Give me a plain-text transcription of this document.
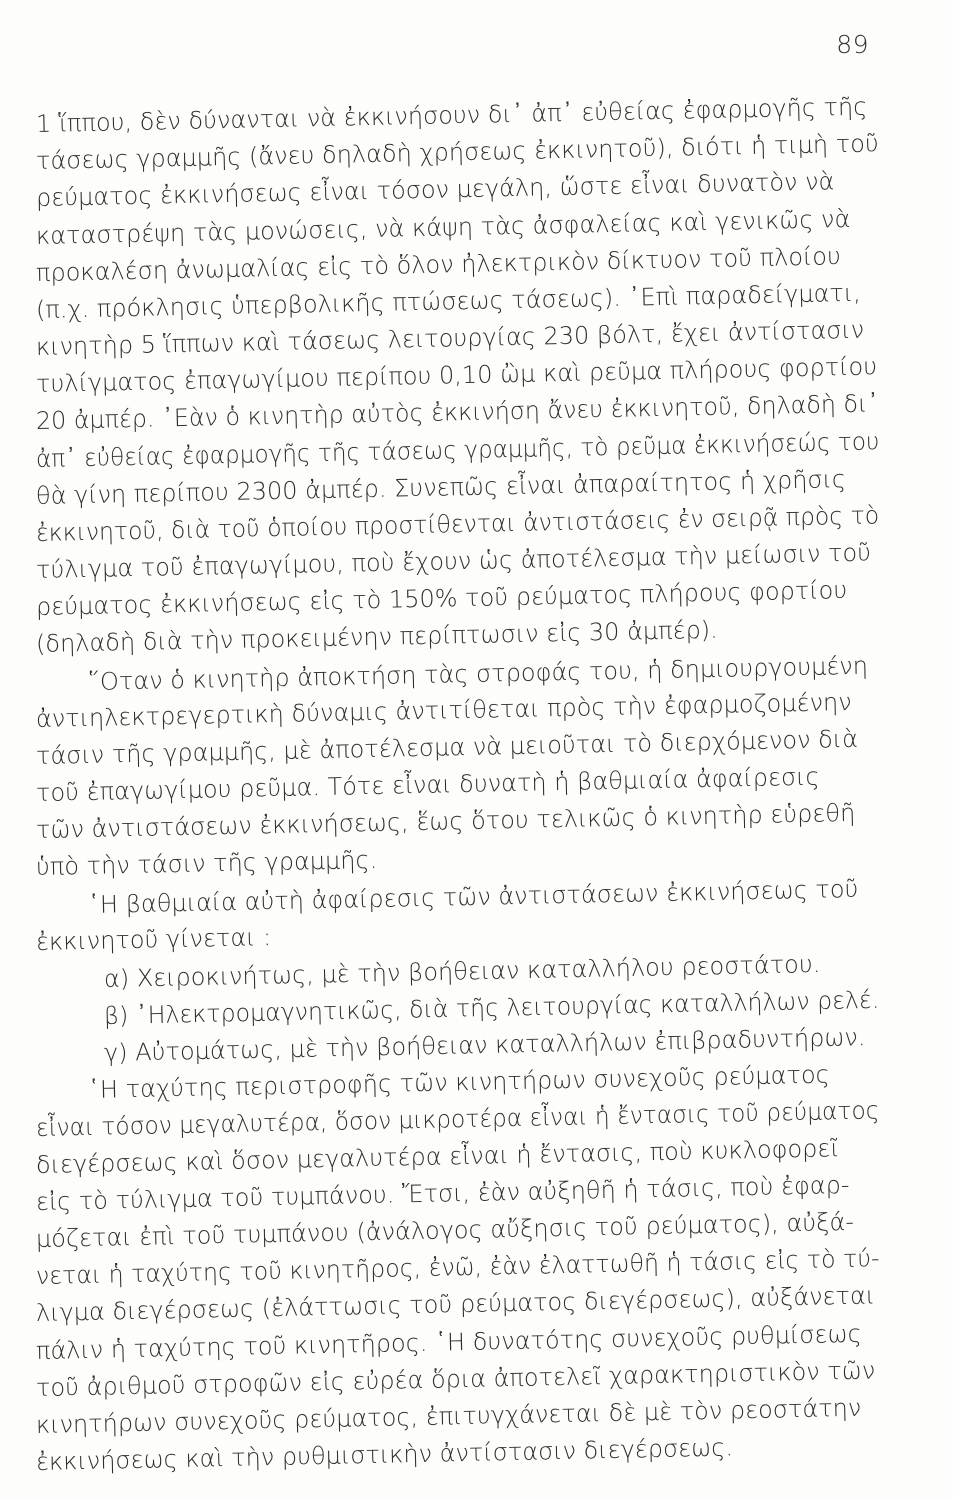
89
1 ἵππου, δὲν δύνανται νὰ ἐκκινήσουν δι᾽ ἀπ᾽ εὐθείας ἐφαρμογῆς τῆς
τάσεως γραμμῆς (ἄνευ δηλαδὴ χρήσεως ἐκκινητοῦ), διότι ἡ τιμὴ τοῦ
ρεύματος ἐκκινήσεως εἶναι τόσον μεγάλη, ὥστε εἶναι δυνατὸν νὰ
καταστρέψη τὰς μονώσεις, νὰ κάψη τὰς ἀσφαλείας καὶ γενικῶς νὰ
προκαλέση ἀνωμαλίας εἰς τὸ ὅλον ἠλεκτρικὸν δίκτυον τοῦ πλοίου
(π.χ. πρόκλησις ὑπερβολικῆς πτώσεως τάσεως). ᾿Επὶ παραδείγματι,
κινητὴρ 5 ἵππων καὶ τάσεως λειτουργίας 230 βόλτ, ἔχει ἀντίστασιν
τυλίγματος ἐπαγωγίμου περίπου 0,10 ὢμ καὶ ρεῦμα πλήρους φορτίου
20 ἀμπέρ. ᾿Εὰν ὁ κινητὴρ αὐτὸς ἐκκινήση ἄνευ ἐκκινητοῦ, δηλαδὴ δι᾽
ἀπ᾽ εὐθείας ἐφαρμογῆς τῆς τάσεως γραμμῆς, τὸ ρεῦμα ἐκκινήσεώς του
θὰ γίνη περίπου 2300 ἀμπέρ. Συνεπῶς εἶναι ἀπαραίτητος ἡ χρῆσις
ἐκκινητοῦ, διὰ τοῦ ὁποίου προστίθενται ἀντιστάσεις ἐν σειρᾷ πρὸς τὸ
τύλιγμα τοῦ ἐπαγωγίμου, ποὺ ἔχουν ὡς ἀποτέλεσμα τὴν μείωσιν τοῦ
ρεύματος ἐκκινήσεως εἰς τὸ 150% τοῦ ρεύματος πλήρους φορτίου
(δηλαδὴ διὰ τὴν προκειμένην περίπτωσιν εἰς 30 ἀμπέρ).
῞Οταν ὁ κινητὴρ ἀποκτήση τὰς στροφάς του, ἡ δημιουργουμένη
ἀντιηλεκτρεγερτικὴ δύναμις ἀντιτίθεται πρὸς τὴν ἐφαρμοζομένην
τάσιν τῆς γραμμῆς, μὲ ἀποτέλεσμα νὰ μειοῦται τὸ διερχόμενον διὰ
τοῦ ἐπαγωγίμου ρεῦμα. Τότε εἶναι δυνατὴ ἡ βαθμιαία ἀφαίρεσις
τῶν ἀντιστάσεων ἐκκινήσεως, ἕως ὅτου τελικῶς ὁ κινητὴρ εὑρεθῆ
ὑπὸ τὴν τάσιν τῆς γραμμῆς.
῾Η βαθμιαία αὐτὴ ἀφαίρεσις τῶν ἀντιστάσεων ἐκκινήσεως τοῦ
ἐκκινητοῦ γίνεται :
α) Χειροκινήτως, μὲ τὴν βοήθειαν καταλλήλου ρεοστάτου.
β) ᾿Ηλεκτρομαγνητικῶς, διὰ τῆς λειτουργίας καταλλήλων ρελέ.
γ) Αὐτομάτως, μὲ τὴν βοήθειαν καταλλήλων ἐπιβραδυντήρων.
῾Η ταχύτης περιστροφῆς τῶν κινητήρων συνεχοῦς ρεύματος
εἶναι τόσον μεγαλυτέρα, ὅσον μικροτέρα εἶναι ἡ ἔντασις τοῦ ρεύματος
διεγέρσεως καὶ ὅσον μεγαλυτέρα εἶναι ἡ ἔντασις, ποὺ κυκλοφορεῖ
εἰς τὸ τύλιγμα τοῦ τυμπάνου. Ἔτσι, ἐὰν αὐξηθῆ ἡ τάσις, ποὺ ἐφαρ-
μόζεται ἐπὶ τοῦ τυμπάνου (ἀνάλογος αὔξησις τοῦ ρεύματος), αὐξά-
νεται ἡ ταχύτης τοῦ κινητῆρος, ἐνῶ, ἐὰν ἐλαττωθῆ ἡ τάσις εἰς τὸ τύ-
λιγμα διεγέρσεως (ἐλάττωσις τοῦ ρεύματος διεγέρσεως), αὐξάνεται
πάλιν ἡ ταχύτης τοῦ κινητῆρος. ῾Η δυνατότης συνεχοῦς ρυθμίσεως
τοῦ ἀριθμοῦ στροφῶν εἰς εὐρέα ὅρια ἀποτελεῖ χαρακτηριστικὸν τῶν
κινητήρων συνεχοῦς ρεύματος, ἐπιτυγχάνεται δὲ μὲ τὸν ρεοστάτην
ἐκκινήσεως καὶ τὴν ρυθμιστικὴν ἀντίστασιν διεγέρσεως.
